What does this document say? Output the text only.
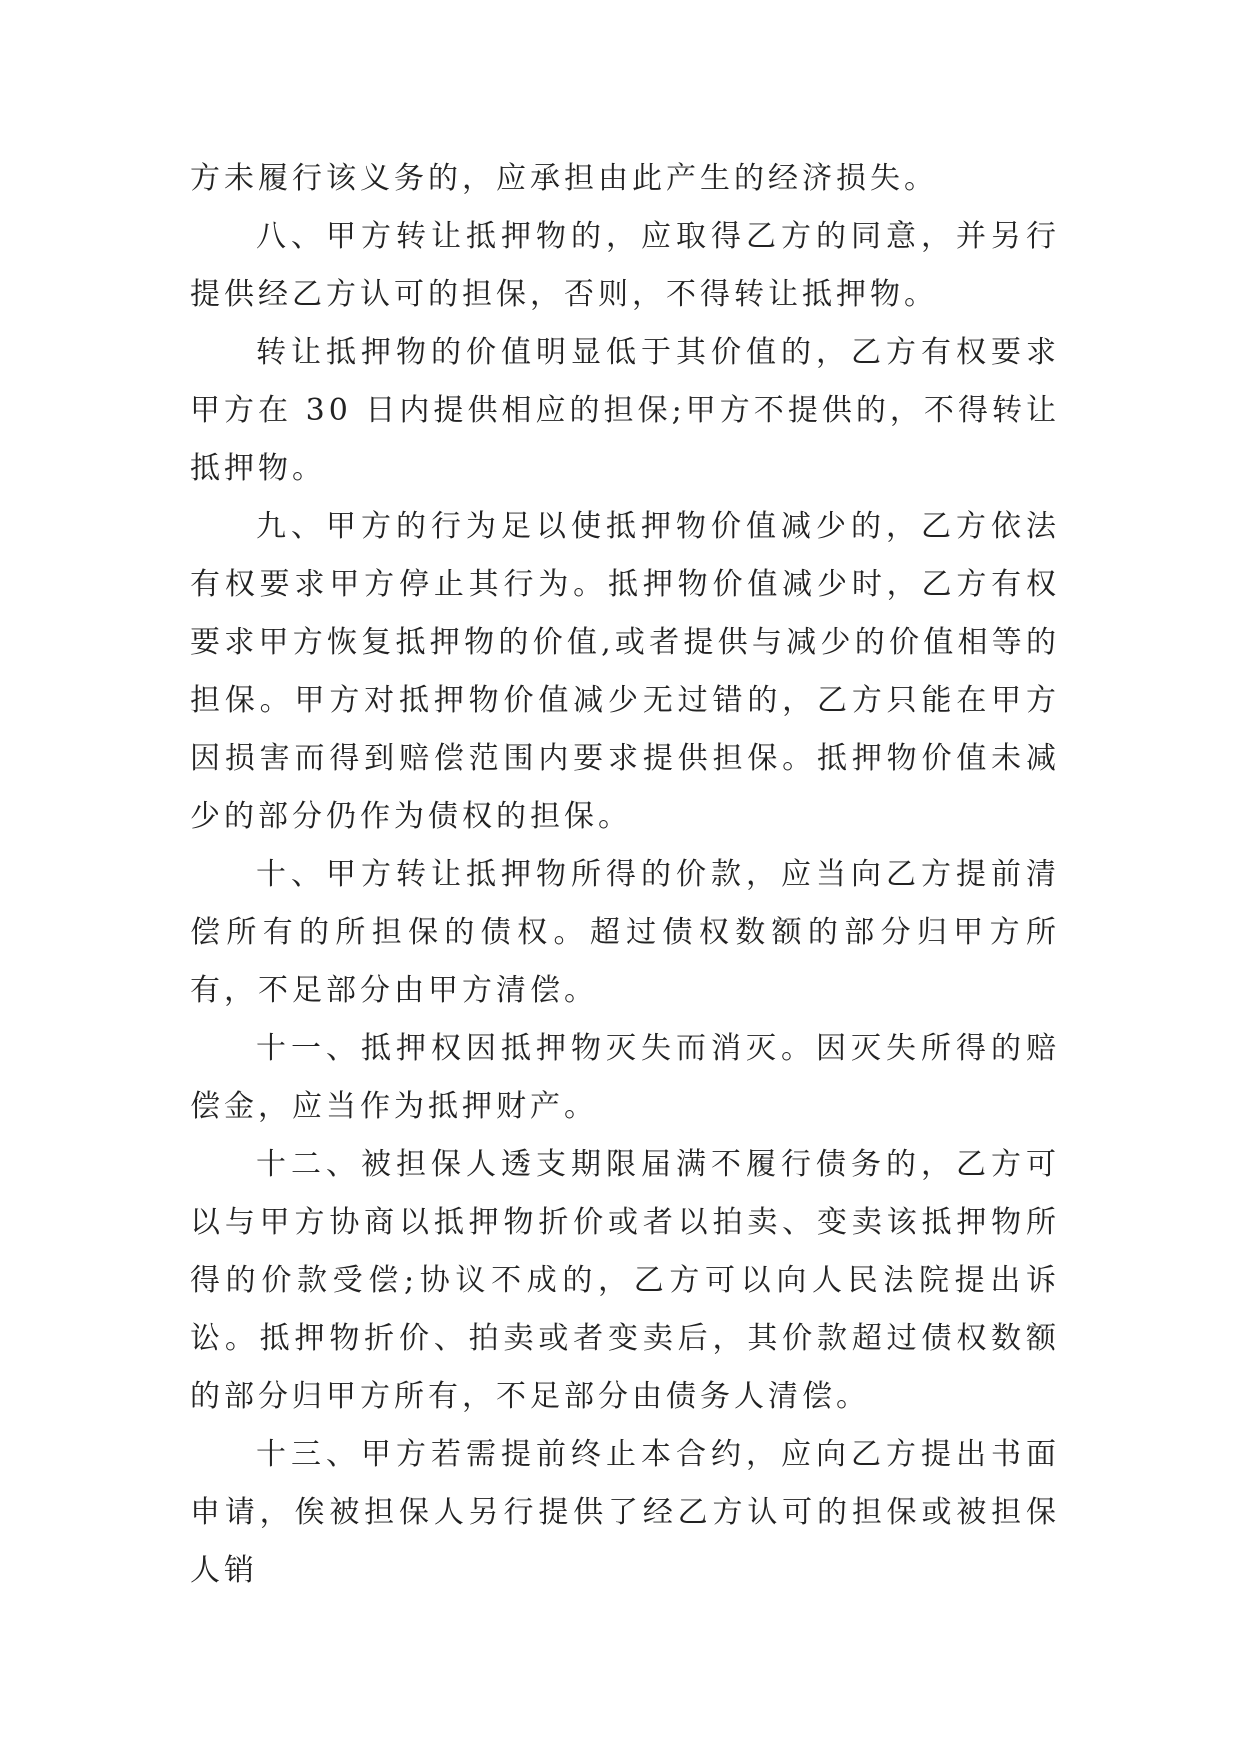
方未履行该义务的，应承担由此产生的经济损失。

八、甲方转让抵押物的，应取得乙方的同意，并另行提供经乙方认可的担保，否则，不得转让抵押物。

转让抵押物的价值明显低于其价值的，乙方有权要求甲方在 30 日内提供相应的担保;甲方不提供的，不得转让抵押物。

九、甲方的行为足以使抵押物价值减少的，乙方依法有权要求甲方停止其行为。抵押物价值减少时，乙方有权要求甲方恢复抵押物的价值,或者提供与减少的价值相等的担保。甲方对抵押物价值减少无过错的，乙方只能在甲方因损害而得到赔偿范围内要求提供担保。抵押物价值未减少的部分仍作为债权的担保。

十、甲方转让抵押物所得的价款，应当向乙方提前清偿所有的所担保的债权。超过债权数额的部分归甲方所有，不足部分由甲方清偿。

十一、抵押权因抵押物灭失而消灭。因灭失所得的赔偿金，应当作为抵押财产。

十二、被担保人透支期限届满不履行债务的，乙方可以与甲方协商以抵押物折价或者以拍卖、变卖该抵押物所得的价款受偿;协议不成的，乙方可以向人民法院提出诉讼。抵押物折价、拍卖或者变卖后，其价款超过债权数额的部分归甲方所有，不足部分由债务人清偿。

十三、甲方若需提前终止本合约，应向乙方提出书面申请，俟被担保人另行提供了经乙方认可的担保或被担保人销
